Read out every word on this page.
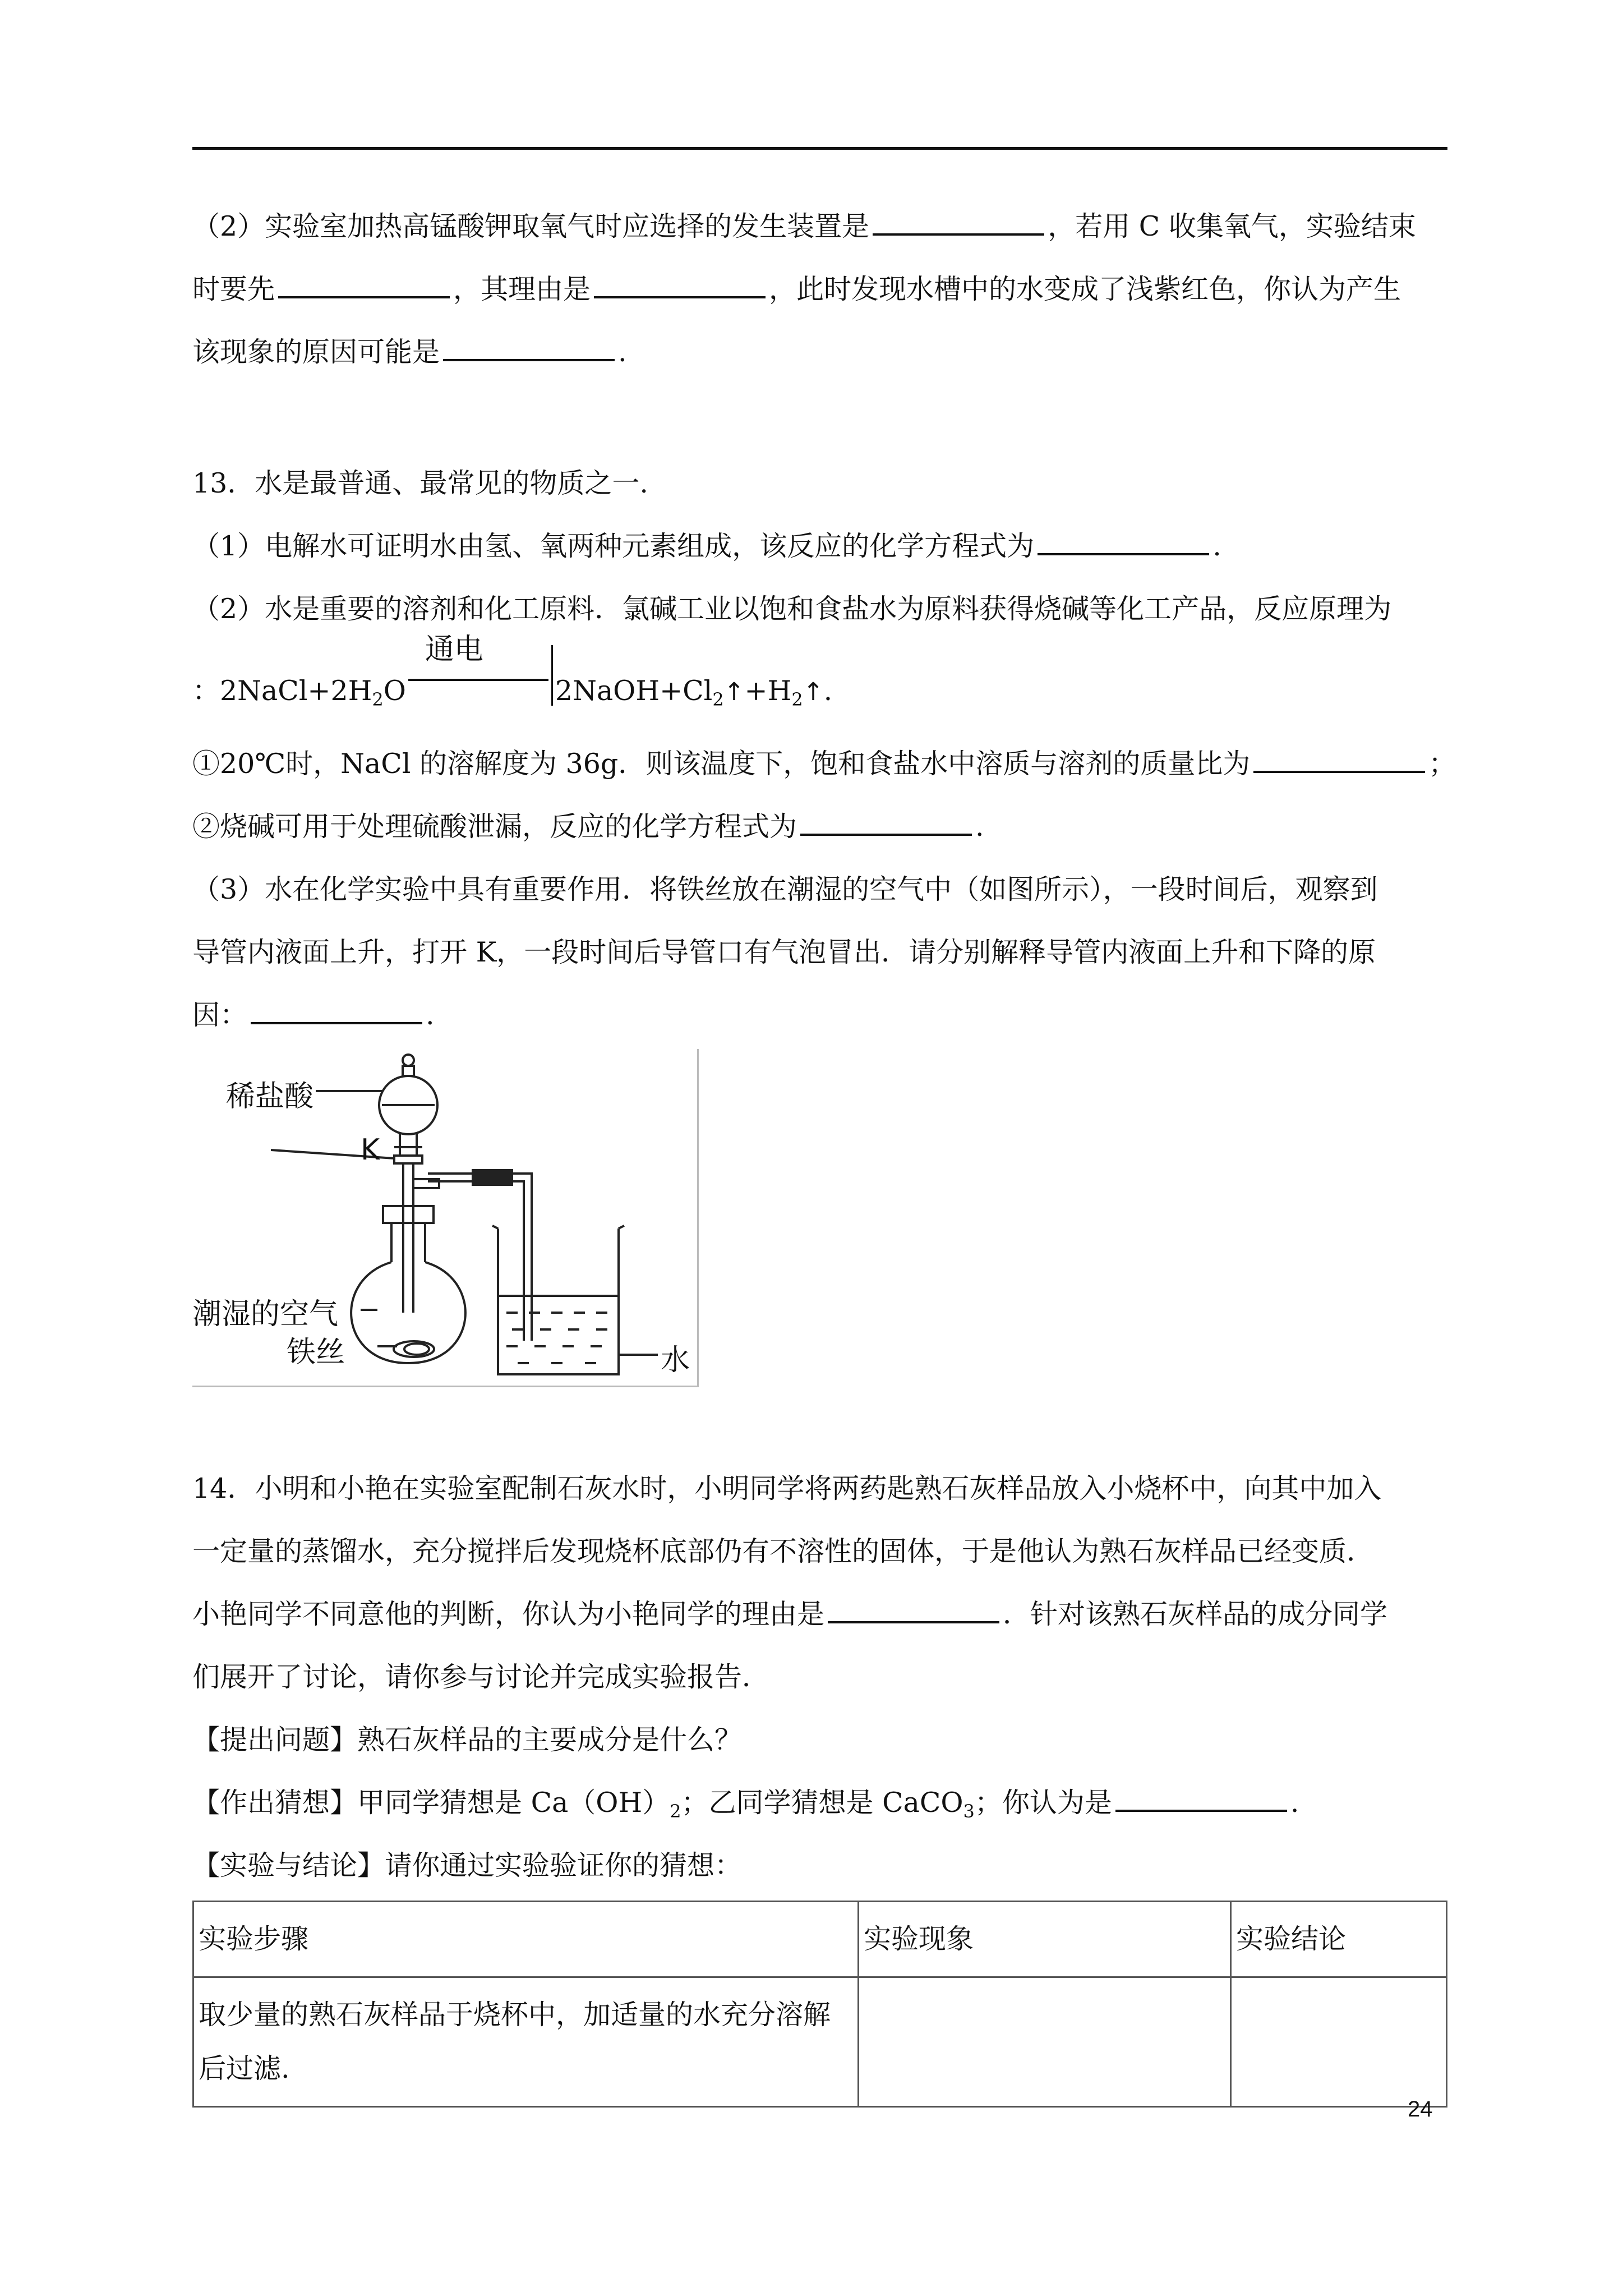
（2）实验室加热高锰酸钾取氧气时应选择的发生装置是	，若用 C 收集氧气，实验结束
时要先	，其理由是	，此时发现水槽中的水变成了浅紫红色，你认为产生
该现象的原因可能是	.
13．水是最普通、最常见的物质之一.
（1）电解水可证明水由氢、氧两种元素组成，该反应的化学方程式为	.
（2）水是重要的溶剂和化工原料．氯碱工业以饱和食盐水为原料获得烧碱等化工产品，反应原理为
：$2NaCl+2H_2O$
通电
$2NaOH+Cl_2↑+H_2↑$.
①20℃时，NaCl 的溶解度为 36g．则该温度下，饱和食盐水中溶质与溶剂的质量比为	；
②烧碱可用于处理硫酸泄漏，反应的化学方程式为	.
（3）水在化学实验中具有重要作用．将铁丝放在潮湿的空气中（如图所示），一段时间后，观察到
导管内液面上升，打开 K，一段时间后导管口有气泡冒出．请分别解释导管内液面上升和下降的原
因：	.
稀盐酸
K
潮湿的空气
铁丝	水
14．小明和小艳在实验室配制石灰水时，小明同学将两药匙熟石灰样品放入小烧杯中，向其中加入
一定量的蒸馏水，充分搅拌后发现烧杯底部仍有不溶性的固体，于是他认为熟石灰样品已经变质．
小艳同学不同意他的判断，你认为小艳同学的理由是	．针对该熟石灰样品的成分同学
们展开了讨论，请你参与讨论并完成实验报告．
【提出问题】熟石灰样品的主要成分是什么？
【作出猜想】甲同学猜想是 $Ca(OH)_2$；乙同学猜想是 CaCO$_3$；你认为是	.
【实验与结论】请你通过实验验证你的猜想：
实验步骤	实验现象	实验结论
取少量的熟石灰样品于烧杯中，加适量的水充分溶解后过滤.		
24
